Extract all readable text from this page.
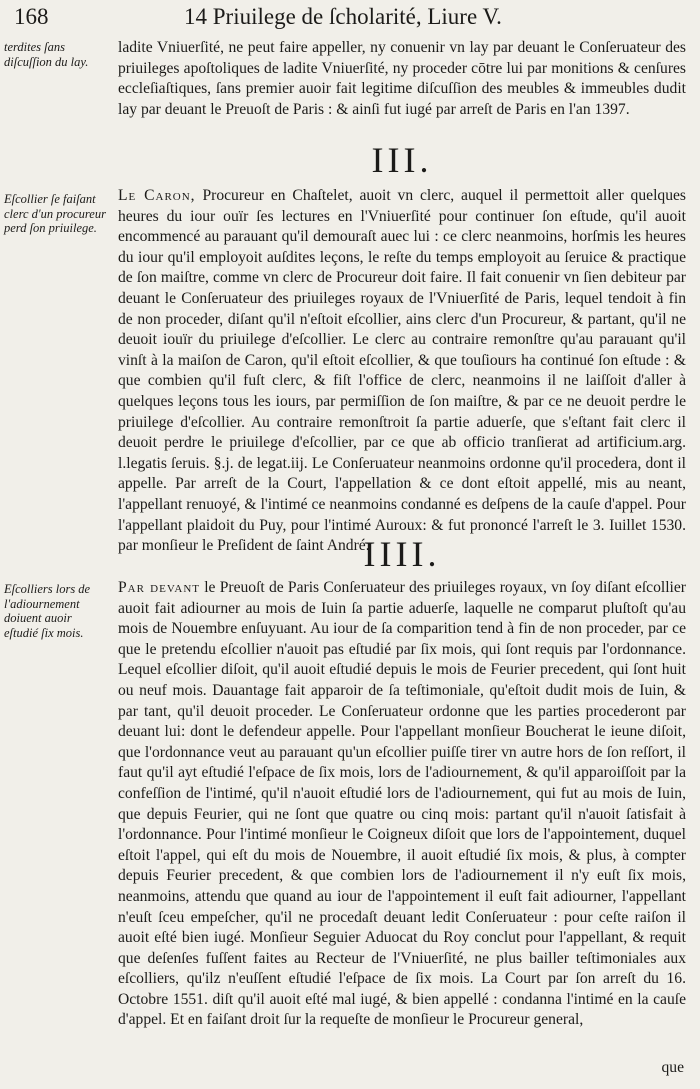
168	14 Priuilege de ſcholarité, Liure V.
terdites ſans diſcuſſion du lay.

ladite Vniuerſité, ne peut faire appeller, ny conuenir vn lay par deuant le Conſeruateur des priuileges apoſtoliques de ladite Vniuerſité, ny proceder cōtre lui par monitions & cenſures eccleſiaſtiques, ſans premier auoir fait legitime diſcuſſion des meubles & immeubles dudit lay par deuant le Preuoſt de Paris : & ainſi fut iugé par arreſt de Paris en l'an 1397.

III.
Eſcollier ſe faiſant clerc d'un procureur perd ſon priuilege.

Le Caron, Procureur en Chaſtelet, auoit vn clerc, auquel il permettoit aller quelques heures du iour ouïr ſes lectures en l'Vniuerſité pour continuer ſon eſtude, qu'il auoit encommencé au parauant qu'il demouraſt auec lui : ce clerc neanmoins, horſmis les heures du iour qu'il employoit auſdites leçons, le reſte du temps employoit au ſeruice & practique de ſon maiſtre, comme vn clerc de Procureur doit faire. Il fait conuenir vn ſien debiteur par deuant le Conſeruateur des priuileges royaux de l'Vniuerſité de Paris, lequel tendoit à fin de non proceder, diſant qu'il n'eſtoit eſcollier, ains clerc d'un Procureur, & partant, qu'il ne deuoit iouïr du priuilege d'eſcollier. Le clerc au contraire remonſtre qu'au parauant qu'il vinſt à la maiſon de Caron, qu'il eſtoit eſcollier, & que touſiours ha continué ſon eſtude : & que combien qu'il fuſt clerc, & fiſt l'office de clerc, neanmoins il ne laiſſoit d'aller à quelques leçons tous les iours, par permiſſion de ſon maiſtre, & par ce ne deuoit perdre le priuilege d'eſcollier. Au contraire remonſtroit ſa partie aduerſe, que s'eſtant fait clerc il deuoit perdre le priuilege d'eſcollier, par ce que ab officio tranſierat ad artificium.arg. l.legatis ſeruis. §.j. de legat.iij. Le Conſeruateur neanmoins ordonne qu'il procedera, dont il appelle. Par arreſt de la Court, l'appellation & ce dont eſtoit appellé, mis au neant, l'appellant renuoyé, & l'intimé ce neanmoins condanné es deſpens de la cauſe d'appel. Pour l'appellant plaidoit du Puy, pour l'intimé Auroux: & fut prononcé l'arreſt le 3. Iuillet 1530. par monſieur le Preſident de ſaint André.

IIII.
Eſcolliers lors de l'adiournement doiuent auoir eſtudié ſix mois.

Par devant le Preuoſt de Paris Conſeruateur des priuileges royaux, vn ſoy diſant eſcollier auoit fait adiourner au mois de Iuin ſa partie aduerſe, laquelle ne comparut pluſtoſt qu'au mois de Nouembre enſuyuant. Au iour de ſa comparition tend à fin de non proceder, par ce que le pretendu eſcollier n'auoit pas eſtudié par ſix mois, qui ſont requis par l'ordonnance. Lequel eſcollier diſoit, qu'il auoit eſtudié depuis le mois de Feurier precedent, qui ſont huit ou neuf mois. Dauantage fait apparoir de ſa teſtimoniale, qu'eſtoit dudit mois de Iuin, & par tant, qu'il deuoit proceder. Le Conſeruateur ordonne que les parties procederont par deuant lui: dont le defendeur appelle. Pour l'appellant monſieur Boucherat le ieune diſoit, que l'ordonnance veut au parauant qu'un eſcollier puiſſe tirer vn autre hors de ſon reſſort, il faut qu'il ayt eſtudié l'eſpace de ſix mois, lors de l'adiournement, & qu'il apparoiſſoit par la confeſſion de l'intimé, qu'il n'auoit eſtudié lors de l'adiournement, qui fut au mois de Iuin, que depuis Feurier, qui ne ſont que quatre ou cinq mois: partant qu'il n'auoit ſatisfait à l'ordonnance. Pour l'intimé monſieur le Coigneux diſoit que lors de l'appointement, duquel eſtoit l'appel, qui eſt du mois de Nouembre, il auoit eſtudié ſix mois, & plus, à compter depuis Feurier precedent, & que combien lors de l'adiournement il n'y euſt ſix mois, neanmoins, attendu que quand au iour de l'appointement il euſt fait adiourner, l'appellant n'euſt ſceu empeſcher, qu'il ne procedaſt deuant ledit Conſeruateur : pour ceſte raiſon il auoit eſté bien iugé. Monſieur Seguier Aduocat du Roy conclut pour l'appellant, & requit que deſenſes fuſſent faites au Recteur de l'Vniuerſité, ne plus bailler teſtimoniales aux eſcolliers, qu'ilz n'euſſent eſtudié l'eſpace de ſix mois. La Court par ſon arreſt du 16. Octobre 1551. diſt qu'il auoit eſté mal iugé, & bien appellé : condanna l'intimé en la cauſe d'appel. Et en faiſant droit ſur la requeſte de monſieur le Procureur general,

que
